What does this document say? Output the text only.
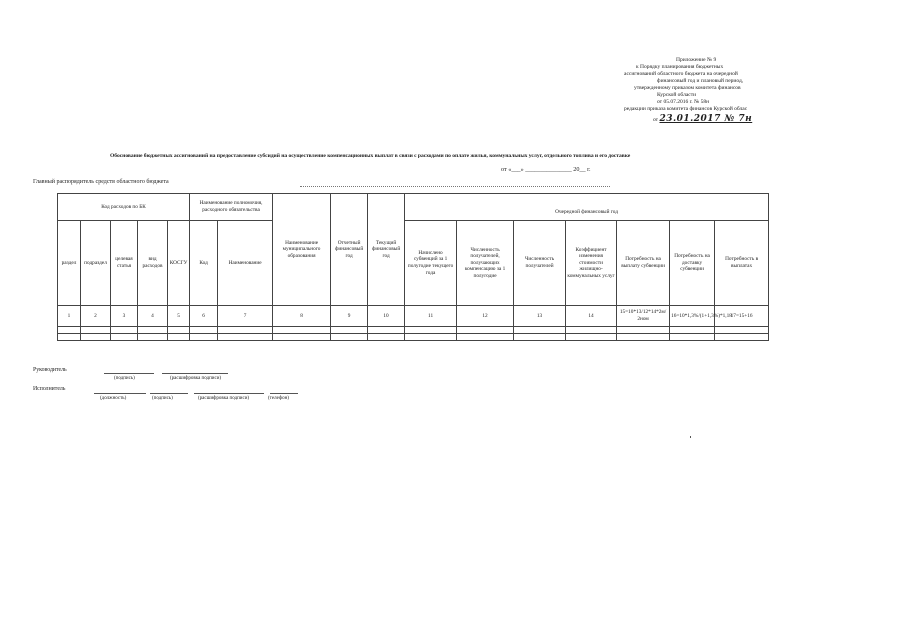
Приложение № 9
к Порядку планирования бюджетных
ассигнований областного бюджета на очередной
финансовый год и плановый период,
утвержденному приказом комитета финансов
Курской области
от 05.07.2016 г. № 58н
редакции приказа комитета финансов Курской облас
от 23.01.2017 № 7н
Обоснование бюджетных ассигнований на предоставление субсидий на осуществление компенсационных выплат в связи с расходами по оплате жилья, коммунальных услуг, отдельного топлива и его доставке
от «___» _______________ 20__ г.
Главный распорядитель средств областного бюджета
Код расходов по БК					Наименование полномочия, расходного обязательства		Наименование муниципального образования	Отчетный финансовый год	Текущий финансовый год							
										Очередной финансовый год						
раздел	подраздел	целевая статья	вид расходов	КОСГУ	Код	Наименование				Начислено субвенций за 1 полугодие текущего года	Численность получателей, получающих компенсацию за 1 полугодие	Численность получателей	Коэффициент изменения стоимости жилищно-коммунальных услуг	Потребность на выплату субвенции	Потребность на доставку субвенции	Потребность в выплатах
1	2	3	4	5	6	7	8	9	10	11	12	13	14	15=10*13/12*14*2м/ 2ном	16=10*1,3%/(1+1,3%)*1,18	17=15+16

Руководитель
(подпись)	(расшифровка подписи)
Исполнитель
(должность)	(подпись)	(расшифровка подписи)	(телефон)
